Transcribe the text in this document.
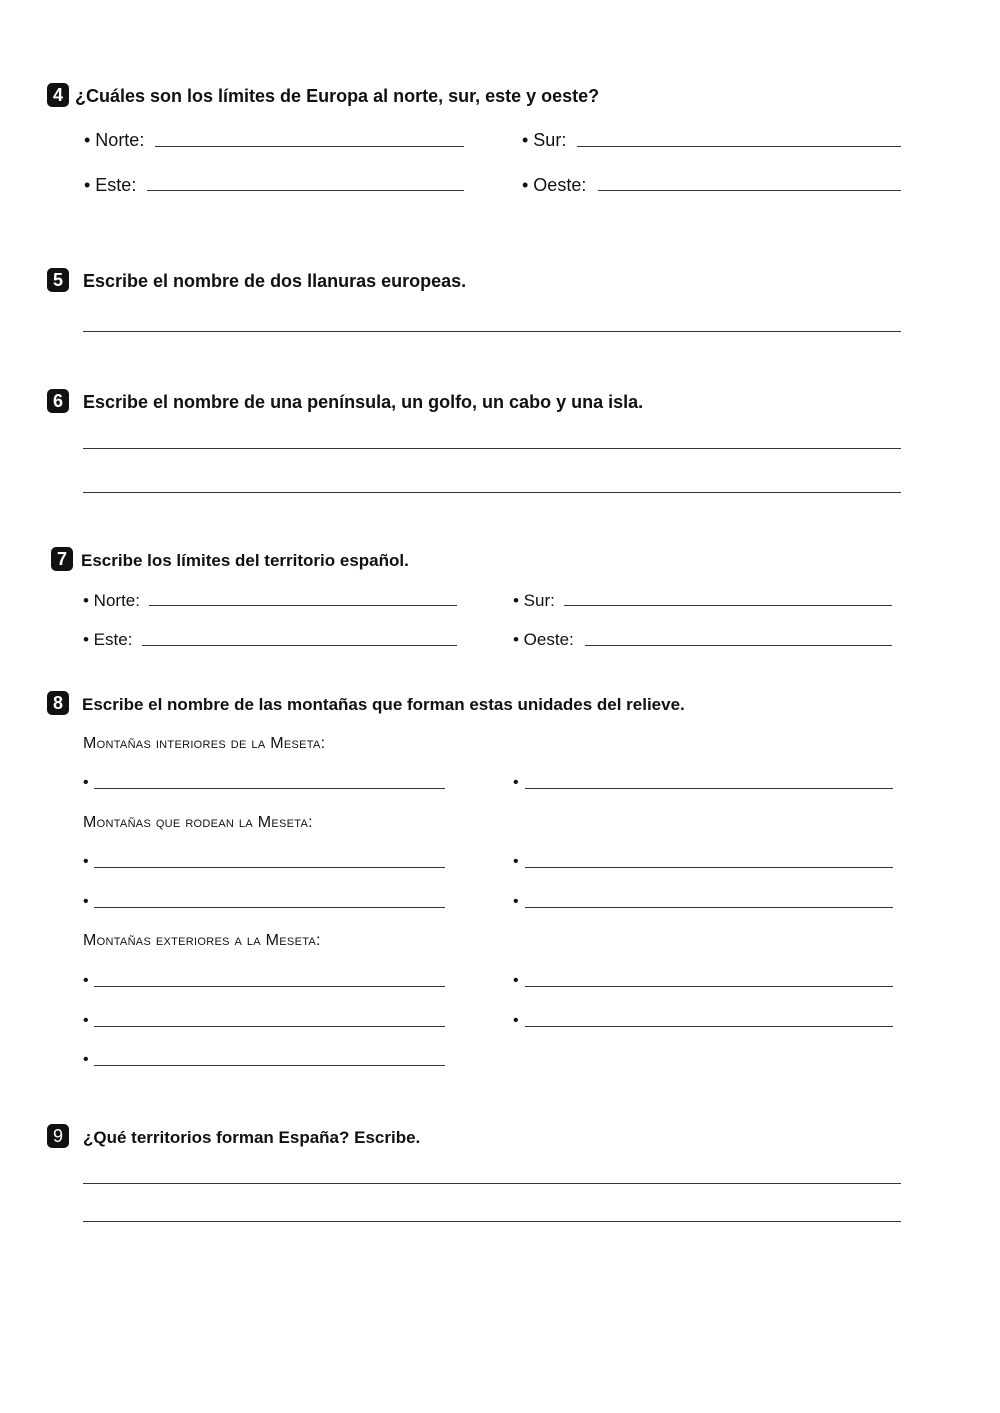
4 ¿Cuáles son los límites de Europa al norte, sur, este y oeste?
• Norte:	• Sur:
• Este:	• Oeste:
5	Escribe el nombre de dos llanuras europeas.
6	Escribe el nombre de una península, un golfo, un cabo y una isla.
7 Escribe los límites del territorio español.
• Norte:	• Sur:
• Este:	• Oeste:
8	Escribe el nombre de las montañas que forman estas unidades del relieve.
Montañas interiores de la Meseta:
•	•
Montañas que rodean la Meseta:
•	•
•	•
Montañas exteriores a la Meseta:
•	•
•	•
•
9	¿Qué territorios forman España? Escribe.
